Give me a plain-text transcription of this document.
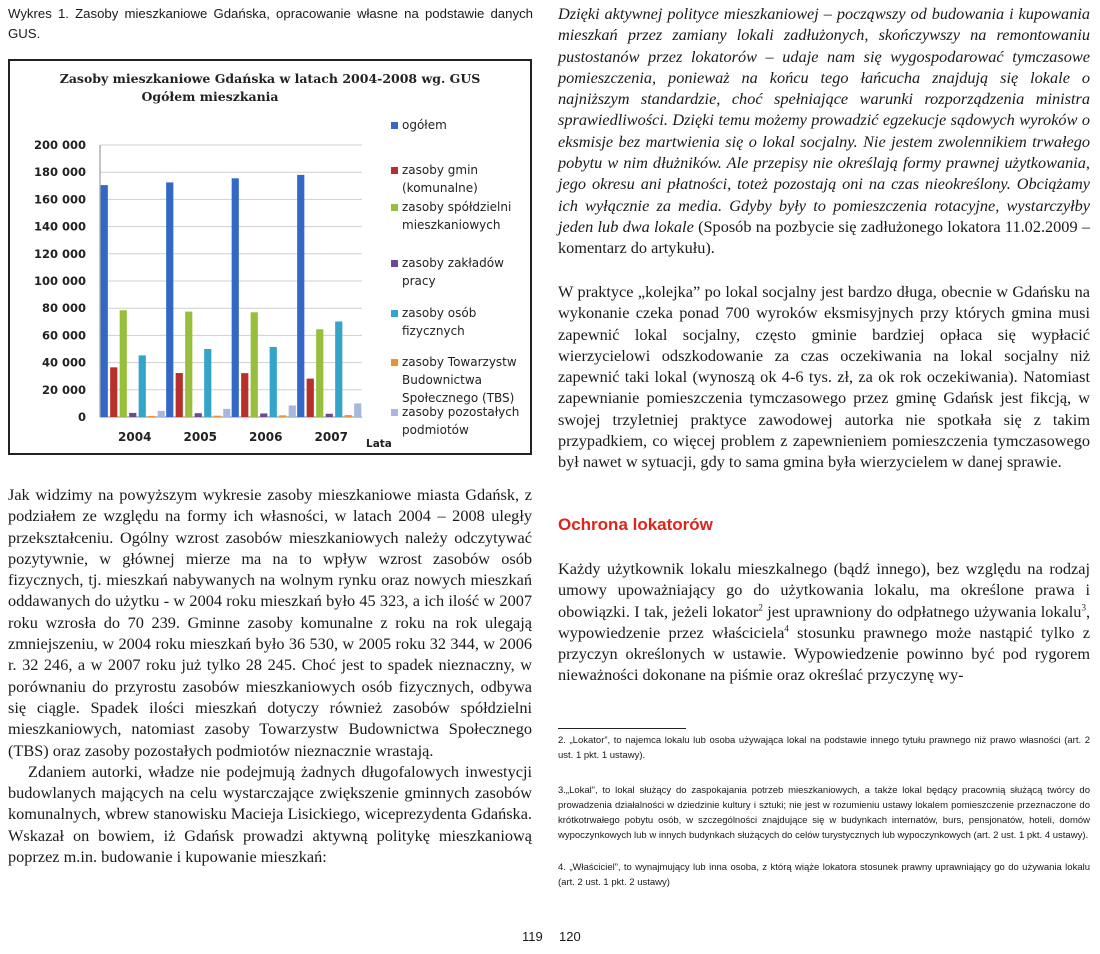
Wykres 1. Zasoby mieszkaniowe Gdańska, opracowanie własne na podstawie danych GUS.
Zasoby mieszkaniowe Gdańska w latach 2004-2008 wg. GUS
Ogółem mieszkania
0
20 000
40 000
60 000
80 000
100 000
120 000
140 000
160 000
180 000
200 000
2004	2005	2006	2007 Lata
ogółem
zasoby gmin
(komunalne)
zasoby spółdzielni
mieszkaniowych
zasoby zakładów
pracy
zasoby osób
fizycznych
zasoby Towarzystw
Budownictwa
Społecznego (TBS)
zasoby pozostałych
podmiotów

Jak widzimy na powyższym wykresie zasoby mieszkaniowe miasta Gdańsk, z podziałem ze względu na formy ich własności, w latach 2004 – 2008 uległy przekształceniu. Ogólny wzrost zasobów mieszkaniowych należy odczytywać pozytywnie, w głównej mierze ma na to wpływ wzrost zasobów osób fizycznych, tj. mieszkań nabywanych na wolnym rynku oraz nowych mieszkań oddawanych do użytku - w 2004 roku mieszkań było 45 323, a ich ilość w 2007 roku wzrosła do 70 239. Gminne zasoby komunalne z roku na rok ulegają zmniejszeniu, w 2004 roku mieszkań było 36 530, w 2005 roku 32 344, w 2006 r. 32 246, a w 2007 roku już tylko 28 245. Choć jest to spadek nieznaczny, w porównaniu do przyrostu zasobów mieszkaniowych osób fizycznych, odbywa się ciągle. Spadek ilości mieszkań dotyczy również zasobów spółdzielni mieszkaniowych, natomiast zasoby Towarzystw Budownictwa Społecznego (TBS) oraz zasoby pozostałych podmiotów nieznacznie wrastają.

Zdaniem autorki, władze nie podejmują żadnych długofalowych inwestycji budowlanych mających na celu wystarczające zwiększenie gminnych zasobów komunalnych, wbrew stanowisku Macieja Lisickiego, wiceprezydenta Gdańska. Wskazał on bowiem, iż Gdańsk prowadzi aktywną politykę mieszkaniową poprzez m.in. budowanie i kupowanie mieszkań:

119
Dzięki aktywnej polityce mieszkaniowej – począwszy od budowania i kupowania mieszkań przez zamiany lokali zadłużonych, skończywszy na remontowaniu pustostanów przez lokatorów – udaje nam się wygospodarować tymczasowe pomieszczenia, ponieważ na końcu tego łańcucha znajdują się lokale o najniższym standardzie, choć spełniające warunki rozporządzenia ministra sprawiedliwości. Dzięki temu możemy prowadzić egzekucje sądowych wyroków o eksmisje bez martwienia się o lokal socjalny. Nie jestem zwolennikiem trwałego pobytu w nim dłużników. Ale przepisy nie określają formy prawnej użytkowania, jego okresu ani płatności, toteż pozostają oni na czas nieokreślony. Obciążamy ich wyłącznie za media. Gdyby były to pomieszczenia rotacyjne, wystarczyłby jeden lub dwa lokale (Sposób na pozbycie się zadłużonego lokatora 11.02.2009 – komentarz do artykułu).
W praktyce „kolejka” po lokal socjalny jest bardzo długa, obecnie w Gdańsku na wykonanie czeka ponad 700 wyroków eksmisyjnych przy których gmina musi zapewnić lokal socjalny, często gminie bardziej opłaca się wypłacić wierzycielowi odszkodowanie za czas oczekiwania na lokal socjalny niż zapewnić taki lokal (wynoszą ok 4-6 tys. zł, za ok rok oczekiwania). Natomiast zapewnianie pomieszczenia tymczasowego przez gminę Gdańsk jest fikcją, w swojej trzyletniej praktyce zawodowej autorka nie spotkała się z takim przypadkiem, co więcej problem z zapewnieniem pomieszczenia tymczasowego był nawet w sytuacji, gdy to sama gmina była wierzycielem w danej sprawie.
Ochrona lokatorów
Każdy użytkownik lokalu mieszkalnego (bądź innego), bez względu na rodzaj umowy upoważniający go do użytkowania lokalu, ma określone prawa i obowiązki. I tak, jeżeli lokator$^2$ jest uprawniony do odpłatnego używania lokalu$^3$, wypowiedzenie przez właściciela$^4$ stosunku prawnego może nastąpić tylko z przyczyn określonych w ustawie. Wypowiedzenie powinno być pod rygorem nieważności dokonane na piśmie oraz określać przyczynę wy-
2. „Lokator”, to najemca lokalu lub osoba używająca lokal na podstawie innego tytułu prawnego niż prawo własności (art. 2 ust. 1 pkt. 1 ustawy).
3.„Lokal”, to lokal służący do zaspokajania potrzeb mieszkaniowych, a także lokal będący pracownią służącą twórcy do prowadzenia działalności w dziedzinie kultury i sztuki; nie jest w rozumieniu ustawy lokalem pomieszczenie przeznaczone do krótkotrwałego pobytu osób, w szczególności znajdujące się w budynkach internatów, burs, pensjonatów, hoteli, domów wypoczynkowych lub w innych budynkach służących do celów turystycznych lub wypoczynkowych (art. 2 ust. 1 pkt. 4 ustawy).
4. „Właściciel”, to wynajmujący lub inna osoba, z którą wiąże lokatora stosunek prawny uprawniający go do używania lokalu (art. 2 ust. 1 pkt. 2 ustawy)
120
